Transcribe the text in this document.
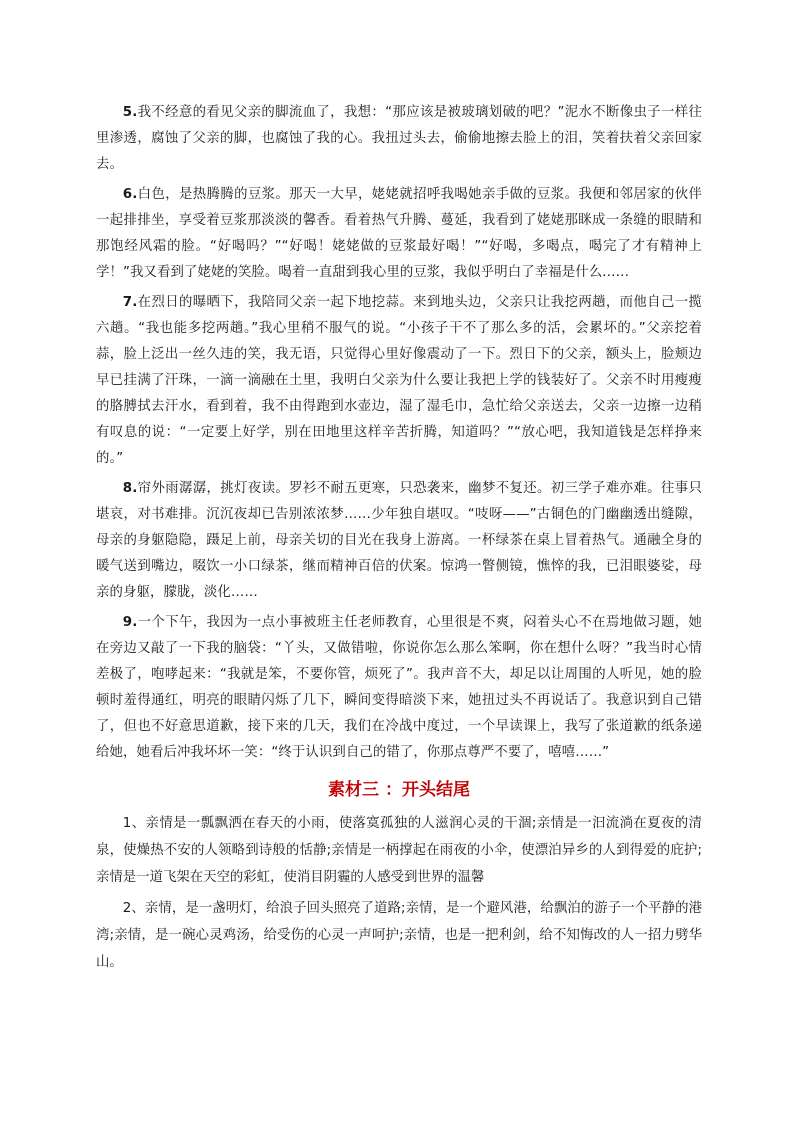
5.我不经意的看见父亲的脚流血了，我想：“那应该是被玻璃划破的吧？”泥水不断像虫子一样往里渗透，腐蚀了父亲的脚，也腐蚀了我的心。我扭过头去，偷偷地擦去脸上的泪，笑着扶着父亲回家去。

6.白色，是热腾腾的豆浆。那天一大早，姥姥就招呼我喝她亲手做的豆浆。我便和邻居家的伙伴一起排排坐，享受着豆浆那淡淡的馨香。看着热气升腾、蔓延，我看到了姥姥那眯成一条缝的眼睛和那饱经风霜的脸。“好喝吗？”“好喝！姥姥做的豆浆最好喝！”“好喝，多喝点，喝完了才有精神上学！”我又看到了姥姥的笑脸。喝着一直甜到我心里的豆浆，我似乎明白了幸福是什么……

7.在烈日的曝晒下，我陪同父亲一起下地挖蒜。来到地头边，父亲只让我挖两趟，而他自己一揽六趟。“我也能多挖两趟。”我心里稍不服气的说。“小孩子干不了那么多的活，会累坏的。”父亲挖着蒜，脸上泛出一丝久违的笑，我无语，只觉得心里好像震动了一下。烈日下的父亲，额头上，脸颊边早已挂满了汗珠，一滴一滴融在土里，我明白父亲为什么要让我把上学的钱装好了。父亲不时用瘦瘦的胳膊拭去汗水，看到着，我不由得跑到水壶边，湿了湿毛巾，急忙给父亲送去，父亲一边擦一边稍有叹息的说：“一定要上好学，别在田地里这样辛苦折腾，知道吗？”“放心吧，我知道钱是怎样挣来的。”

8.帘外雨潺潺，挑灯夜读。罗衫不耐五更寒，只恐袭来，幽梦不复还。初三学子难亦难。往事只堪哀，对书难排。沉沉夜却已告别浓浓梦……少年独自堪叹。“吱呀——”古铜色的门幽幽透出缝隙，母亲的身躯隐隐，蹑足上前，母亲关切的目光在我身上游离。一杯绿茶在桌上冒着热气。通融全身的暖气送到嘴边，啜饮一小口绿茶，继而精神百倍的伏案。惊鸿一瞥侧镜，憔悴的我，已泪眼婆娑，母亲的身躯，朦胧，淡化……

9.一个下午，我因为一点小事被班主任老师教育，心里很是不爽，闷着头心不在焉地做习题，她在旁边又敲了一下我的脑袋：“丫头，又做错啦，你说你怎么那么笨啊，你在想什么呀？”我当时心情差极了，咆哮起来：“我就是笨，不要你管，烦死了”。我声音不大，却足以让周围的人听见，她的脸顿时羞得通红，明亮的眼睛闪烁了几下，瞬间变得暗淡下来，她扭过头不再说话了。我意识到自己错了，但也不好意思道歉，接下来的几天，我们在冷战中度过，一个早读课上，我写了张道歉的纸条递给她，她看后冲我坏坏一笑：“终于认识到自己的错了，你那点尊严不要了，嘻嘻……”

素材三 ：开头结尾

1、亲情是一瓢飘洒在春天的小雨，使落寞孤独的人滋润心灵的干涸;亲情是一汩流淌在夏夜的清泉，使燥热不安的人领略到诗般的恬静;亲情是一柄撑起在雨夜的小伞，使漂泊异乡的人到得爱的庇护;亲情是一道飞架在天空的彩虹，使消目阴霾的人感受到世界的温馨

2、亲情，是一盏明灯，给浪子回头照亮了道路;亲情，是一个避风港，给飘泊的游子一个平静的港湾;亲情，是一碗心灵鸡汤，给受伤的心灵一声呵护;亲情，也是一把利剑，给不知悔改的人一招力劈华山。
